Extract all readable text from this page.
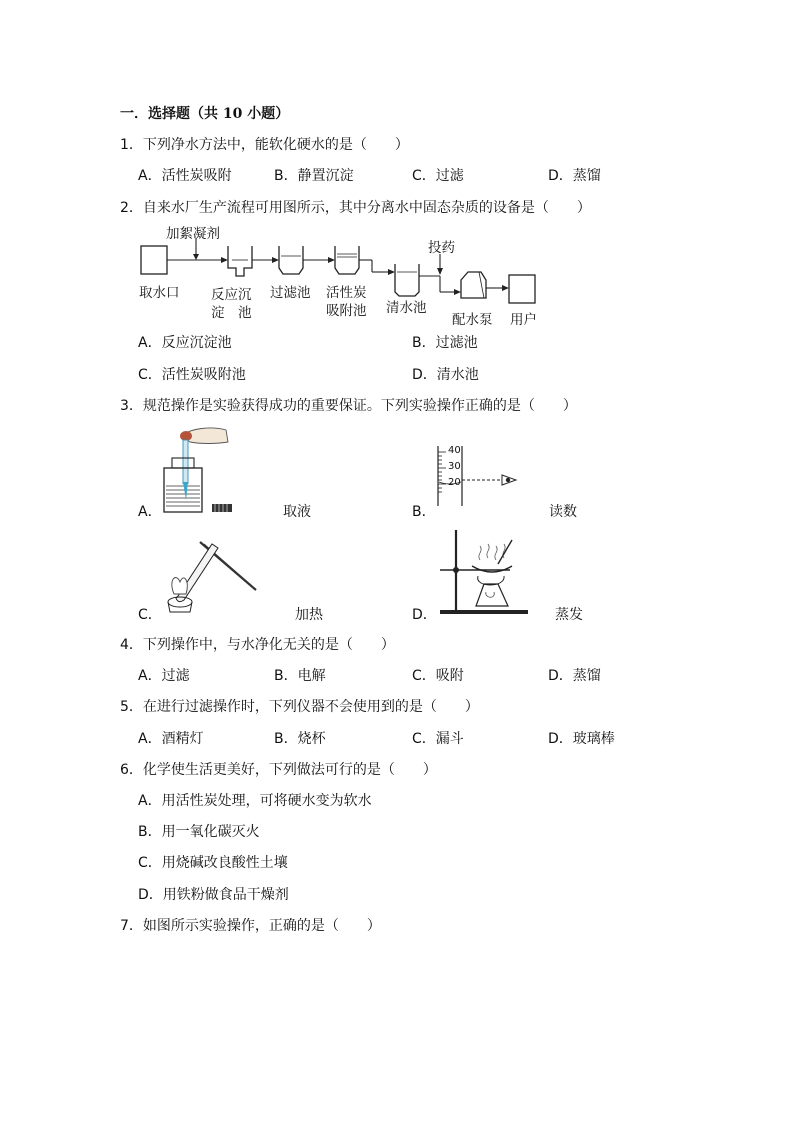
一．选择题（共 10 小题）
1．下列净水方法中，能软化硬水的是（　　）
A．活性炭吸附	B．静置沉淀	C．过滤	D．蒸馏
2．自来水厂生产流程可用图所示，其中分离水中固态杂质的设备是（　　）
加絮凝剂
投药
取水口 反应沉
淀　池
过滤池 活性炭
吸附池 清水池
配水泵 用户
A．反应沉淀池	B．过滤池
C．活性炭吸附池	D．清水池
3．规范操作是实验获得成功的重要保证。下列实验操作正确的是（　　）
40
30
20
A．	取液	B．	读数
C．	加热	D．	蒸发
4．下列操作中，与水净化无关的是（　　）
A．过滤	B．电解	C．吸附	D．蒸馏
5．在进行过滤操作时，下列仪器不会使用到的是（　　）
A．酒精灯	B．烧杯	C．漏斗	D．玻璃棒
6．化学使生活更美好，下列做法可行的是（　　）
A．用活性炭处理，可将硬水变为软水
B．用一氧化碳灭火
C．用烧碱改良酸性土壤
D．用铁粉做食品干燥剂
7．如图所示实验操作，正确的是（　　）
